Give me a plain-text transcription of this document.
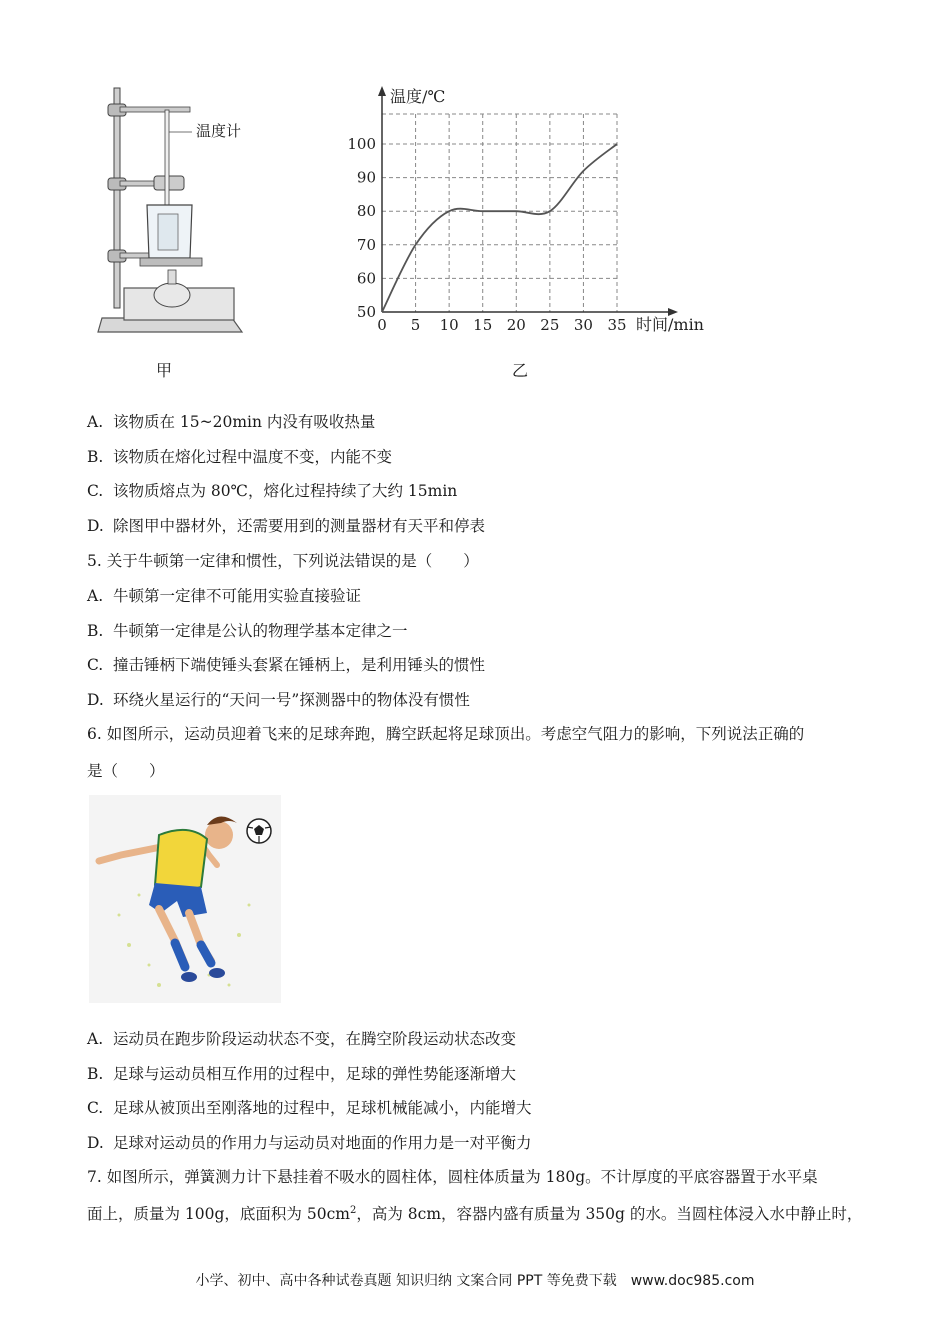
温度计
甲
0 5 10 15 20 25 30 35
50
60
70
80
90
100
温度/℃
时间/min
乙
A. 该物质在 15~20min 内没有吸收热量
B. 该物质在熔化过程中温度不变，内能不变
C. 该物质熔点为 80℃，熔化过程持续了大约 15min
D. 除图甲中器材外，还需要用到的测量器材有天平和停表
5. 关于牛顿第一定律和惯性，下列说法错误的是（　　）
A. 牛顿第一定律不可能用实验直接验证
B. 牛顿第一定律是公认的物理学基本定律之一
C. 撞击锤柄下端使锤头套紧在锤柄上，是利用锤头的惯性
D. 环绕火星运行的“天问一号”探测器中的物体没有惯性
6. 如图所示，运动员迎着飞来的足球奔跑，腾空跃起将足球顶出。考虑空气阻力的影响，下列说法正确的
是（　　）
A. 运动员在跑步阶段运动状态不变，在腾空阶段运动状态改变
B. 足球与运动员相互作用的过程中，足球的弹性势能逐渐增大
C. 足球从被顶出至刚落地的过程中，足球机械能减小，内能增大
D. 足球对运动员的作用力与运动员对地面的作用力是一对平衡力
7. 如图所示，弹簧测力计下悬挂着不吸水的圆柱体，圆柱体质量为 180g。不计厚度的平底容器置于水平桌
面上，质量为 100g，底面积为 $50cm^2$，高为 8cm，容器内盛有质量为 350g 的水。当圆柱体浸入水中静止时，
小学、初中、高中各种试卷真题 知识归纳 文案合同 PPT 等免费下载　www.doc985.com
